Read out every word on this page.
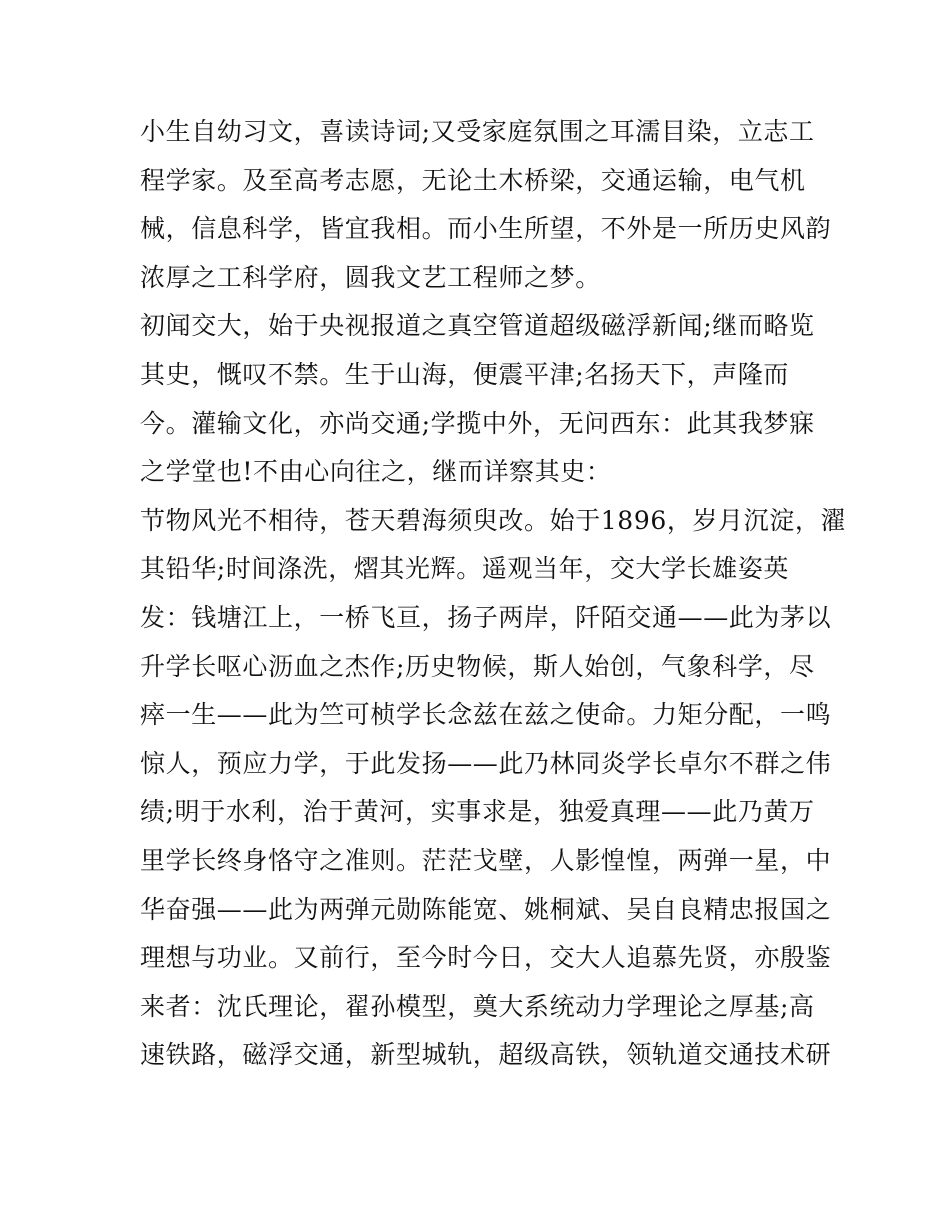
小生自幼习文，喜读诗词;又受家庭氛围之耳濡目染，立志工
程学家。及至高考志愿，无论土木桥梁，交通运输，电气机
械，信息科学，皆宜我相。而小生所望，不外是一所历史风韵
浓厚之工科学府，圆我文艺工程师之梦。
初闻交大，始于央视报道之真空管道超级磁浮新闻;继而略览
其史，慨叹不禁。生于山海，便震平津;名扬天下，声隆而
今。灌输文化，亦尚交通;学揽中外，无问西东：此其我梦寐
之学堂也!不由心向往之，继而详察其史：
节物风光不相待，苍天碧海须臾改。始于1896，岁月沉淀，濯
其铅华;时间涤洗，熠其光辉。遥观当年，交大学长雄姿英
发：钱塘江上，一桥飞亘，扬子两岸，阡陌交通——此为茅以
升学长呕心沥血之杰作;历史物候，斯人始创，气象科学，尽
瘁一生——此为竺可桢学长念兹在兹之使命。力矩分配，一鸣
惊人，预应力学，于此发扬——此乃林同炎学长卓尔不群之伟
绩;明于水利，治于黄河，实事求是，独爱真理——此乃黄万
里学长终身恪守之准则。茫茫戈壁，人影惶惶，两弹一星，中
华奋强——此为两弹元勋陈能宽、姚桐斌、吴自良精忠报国之
理想与功业。又前行，至今时今日，交大人追慕先贤，亦殷鉴
来者：沈氏理论，翟孙模型，奠大系统动力学理论之厚基;高
速铁路，磁浮交通，新型城轨，超级高铁，领轨道交通技术研
